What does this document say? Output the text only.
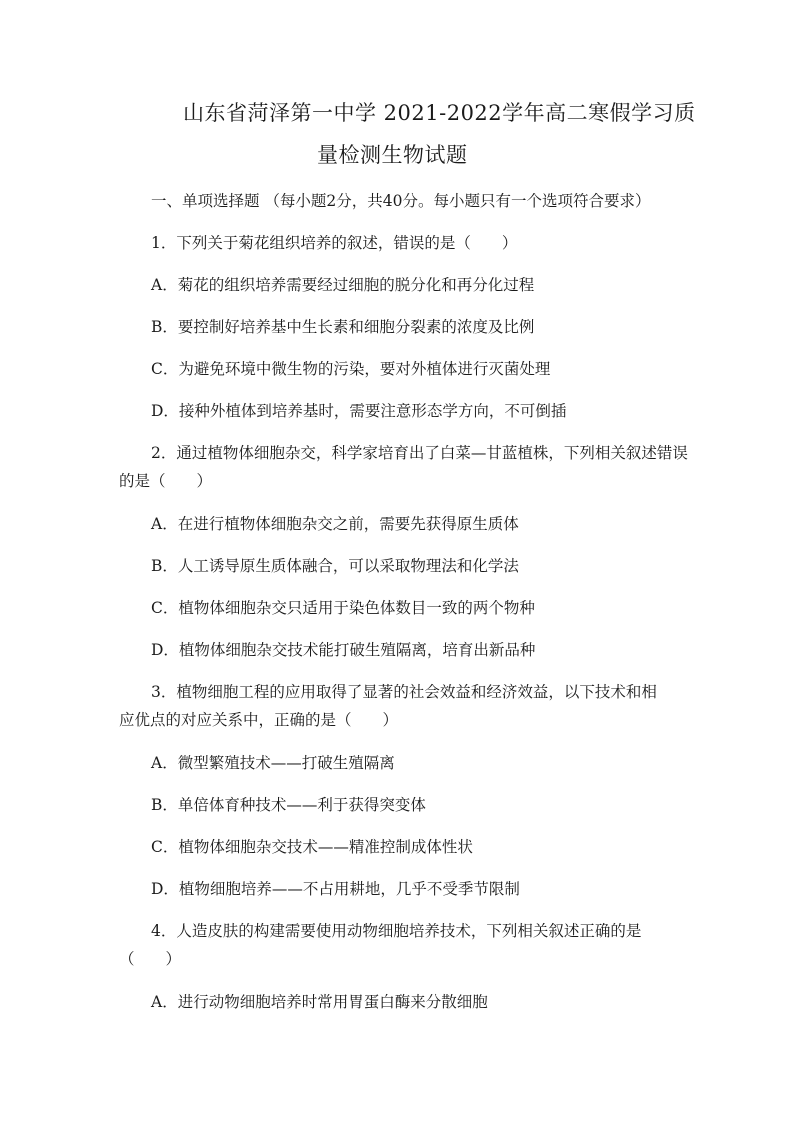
山东省菏泽第一中学 2021-2022学年高二寒假学习质
量检测生物试题
一、单项选择题 （每小题2分，共40分。每小题只有一个选项符合要求）
1．下列关于菊花组织培养的叙述，错误的是（　　）
A．菊花的组织培养需要经过细胞的脱分化和再分化过程
B．要控制好培养基中生长素和细胞分裂素的浓度及比例
C．为避免环境中微生物的污染，要对外植体进行灭菌处理
D．接种外植体到培养基时，需要注意形态学方向，不可倒插
2．通过植物体细胞杂交，科学家培育出了白菜—甘蓝植株，下列相关叙述错误
的是（　　）
A．在进行植物体细胞杂交之前，需要先获得原生质体
B．人工诱导原生质体融合，可以采取物理法和化学法
C．植物体细胞杂交只适用于染色体数目一致的两个物种
D．植物体细胞杂交技术能打破生殖隔离，培育出新品种
3．植物细胞工程的应用取得了显著的社会效益和经济效益，以下技术和相
应优点的对应关系中，正确的是（　　）
A．微型繁殖技术——打破生殖隔离
B．单倍体育种技术——利于获得突变体
C．植物体细胞杂交技术——精准控制成体性状
D．植物细胞培养——不占用耕地，几乎不受季节限制
4．人造皮肤的构建需要使用动物细胞培养技术，下列相关叙述正确的是
（　　）
A．进行动物细胞培养时常用胃蛋白酶来分散细胞
